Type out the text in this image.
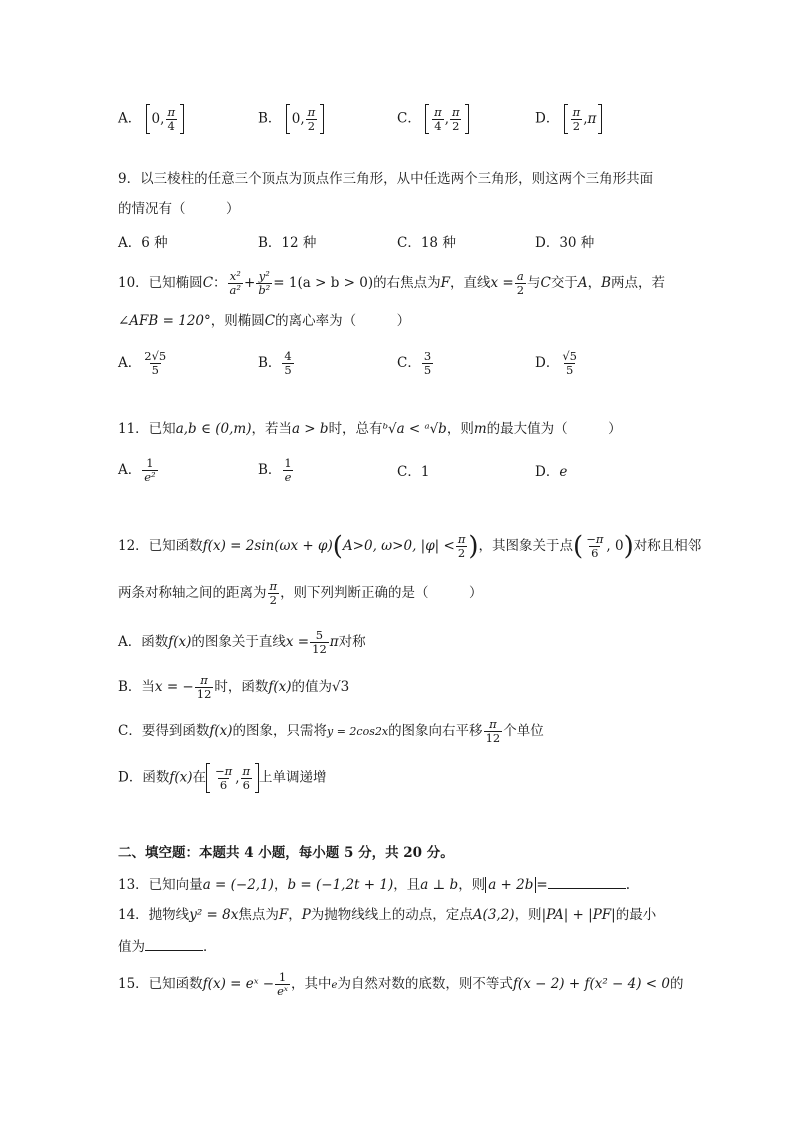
A． 0 , $\frac{\pi}{4}$	B． 0 , $\frac{\pi}{2}$	C． $\frac{\pi}{4}$ , $\frac{\pi}{2}$	D． $\frac{\pi}{2}$ , π
9．以三棱柱的任意三个顶点为顶点作三角形，从中任选两个三角形，则这两个三角形共面
的情况有（　　　）
A．6 种	B．12 种	C．18 种	D．30 种
10．已知椭圆C： $\frac{\text{x²}}{\text{a²}} + \frac{\text{y²}}{\text{b²}} = 1(a > b > 0)$的右焦点为F，直线$x = \frac{a}{2}$ 与C交于A，B两点，若
∠AFB = 120°，则椭圆C的离心率为（　　　）
A． $\frac{2√5}{5}$	B． $\frac{4}{5}$	C． $\frac{3}{5}$	D． $\frac{√5}{5}$
11．已知a,b ∈ (0,m)，若当a > b时，总有ᵇ√a < ᵃ√b，则m的最大值为（　　　）
A． $\frac{1}{\text{e²}}$	B． $\frac{1}{e}$	C．1	D．e
12．已知函数f(x) = 2sin(ωx + φ)(A>0, ω>0, $|\varphi| < \frac{\pi}{2}$ )，其图象关于点( $\frac{-\pi}{6}$ , 0)对称且相邻
两条对称轴之间的距离为 $\frac{\pi}{2}$ ，则下列判断正确的是（　　　）
A．函数f(x)的图象关于直线$x = \frac{5}{12}$ π对称
B．当x = − $\frac{\pi}{12}$ 时，函数f(x)的值为√3
C．要得到函数f(x)的图象，只需将y = 2cos2x的图象向右平移 $\frac{\pi}{12}$ 个单位
D．函数f(x)在 $\frac{-\pi}{6}$ , $\frac{\pi}{6}$ 上单调递增
二、填空题：本题共 4 小题，每小题 5 分，共 20 分。
13．已知向量a = (−2,1)，b = (−1,2t + 1)，且a ⊥ b，则 a + 2b =	.
14．抛物线y² = 8x焦点为F，P为抛物线线上的动点，定点A(3,2)，则|PA| + |PF|的最小
值为	．
15．已知函数f(x) = eˣ − $\frac{1}{\text{eˣ}}$ ，其中e为自然对数的底数，则不等式f(x − 2) + f(x² − 4) < 0的
